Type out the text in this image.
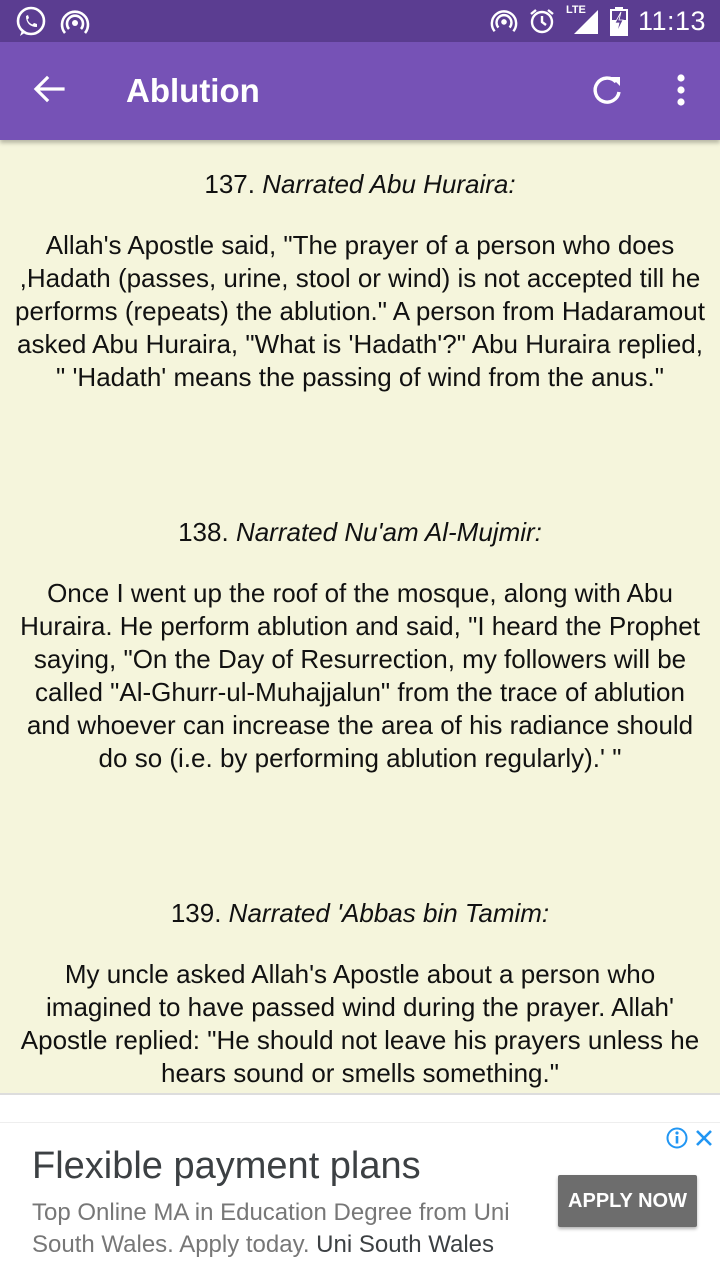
LTE 11:13
Ablution
137. Narrated Abu Huraira:
Allah's Apostle said, "The prayer of a person who does ,Hadath (passes, urine, stool or wind) is not accepted till he performs (repeats) the ablution." A person from Hadaramout asked Abu Huraira, "What is 'Hadath'?" Abu Huraira replied, " 'Hadath' means the passing of wind from the anus."
138. Narrated Nu'am Al-Mujmir:
Once I went up the roof of the mosque, along with Abu Huraira. He perform ablution and said, "I heard the Prophet saying, "On the Day of Resurrection, my followers will be called "Al-Ghurr-ul-Muhajjalun" from the trace of ablution and whoever can increase the area of his radiance should do so (i.e. by performing ablution regularly).' "
139. Narrated 'Abbas bin Tamim:
My uncle asked Allah's Apostle about a person who imagined to have passed wind during the prayer. Allah' Apostle replied: "He should not leave his prayers unless he hears sound or smells something."
Flexible payment plans
Top Online MA in Education Degree from Uni South Wales. Apply today. Uni South Wales
APPLY NOW
